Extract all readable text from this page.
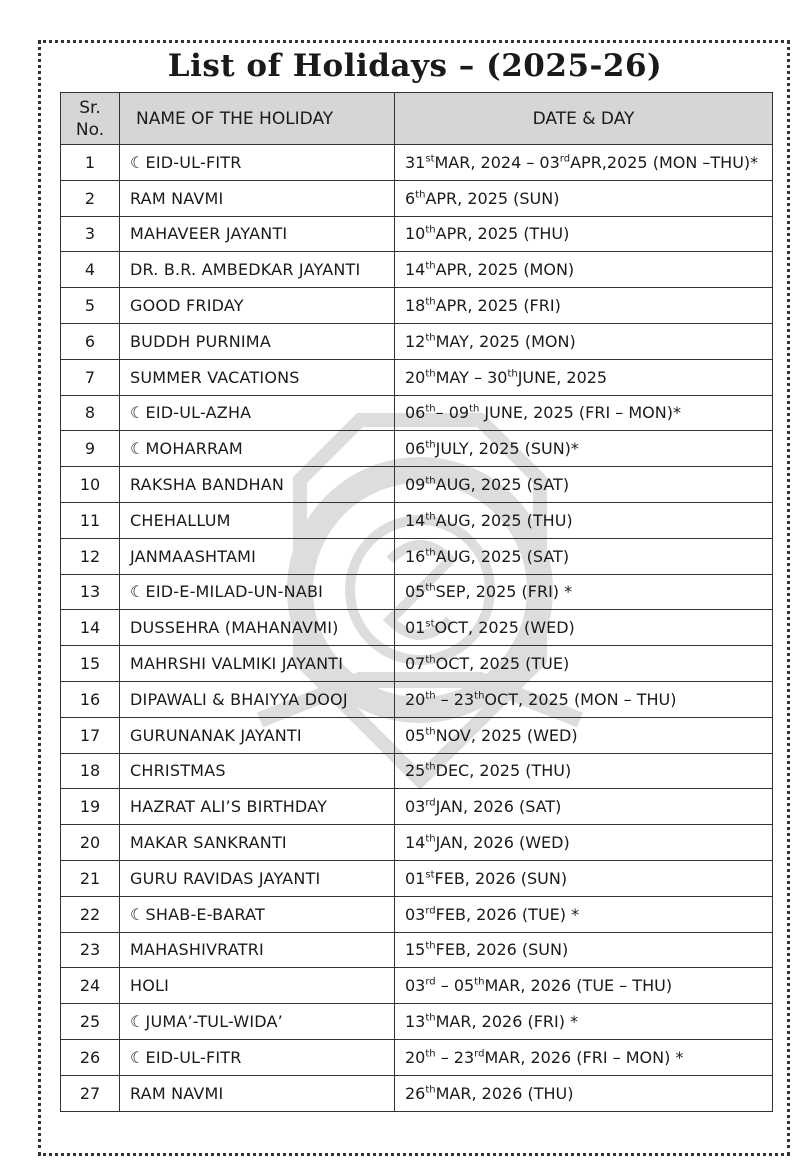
List of Holidays – (2025-26)
Sr.
No.	NAME OF THE HOLIDAY	DATE & DAY
1	☾EID-UL-FITR	31stMAR, 2024 – 03rdAPR,2025 (MON –THU)*
2	RAM NAVMI	6thAPR, 2025 (SUN)
3	MAHAVEER JAYANTI	10thAPR, 2025 (THU)
4	DR. B.R. AMBEDKAR JAYANTI	14thAPR, 2025 (MON)
5	GOOD FRIDAY	18thAPR, 2025 (FRI)
6	BUDDH PURNIMA	12thMAY, 2025 (MON)
7	SUMMER VACATIONS	20thMAY – 30thJUNE, 2025
8	☾EID-UL-AZHA	06th– 09th JUNE, 2025 (FRI – MON)*
9	☾MOHARRAM	06thJULY, 2025 (SUN)*
10	RAKSHA BANDHAN	09thAUG, 2025 (SAT)
11	CHEHALLUM	14thAUG, 2025 (THU)
12	JANMAASHTAMI	16thAUG, 2025 (SAT)
13	☾EID-E-MILAD-UN-NABI	05thSEP, 2025 (FRI) *
14	DUSSEHRA (MAHANAVMI)	01stOCT, 2025 (WED)
15	MAHRSHI VALMIKI JAYANTI	07thOCT, 2025 (TUE)
16	DIPAWALI & BHAIYYA DOOJ	20th – 23thOCT, 2025 (MON – THU)
17	GURUNANAK JAYANTI	05thNOV, 2025 (WED)
18	CHRISTMAS	25thDEC, 2025 (THU)
19	HAZRAT ALI’S BIRTHDAY	03rdJAN, 2026 (SAT)
20	MAKAR SANKRANTI	14thJAN, 2026 (WED)
21	GURU RAVIDAS JAYANTI	01stFEB, 2026 (SUN)
22	☾SHAB-E-BARAT	03rdFEB, 2026 (TUE) *
23	MAHASHIVRATRI	15thFEB, 2026 (SUN)
24	HOLI	03rd – 05thMAR, 2026 (TUE – THU)
25	☾JUMA’-TUL-WIDA’	13thMAR, 2026 (FRI) *
26	☾EID-UL-FITR	20th – 23rdMAR, 2026 (FRI – MON) *
27	RAM NAVMI	26thMAR, 2026 (THU)
